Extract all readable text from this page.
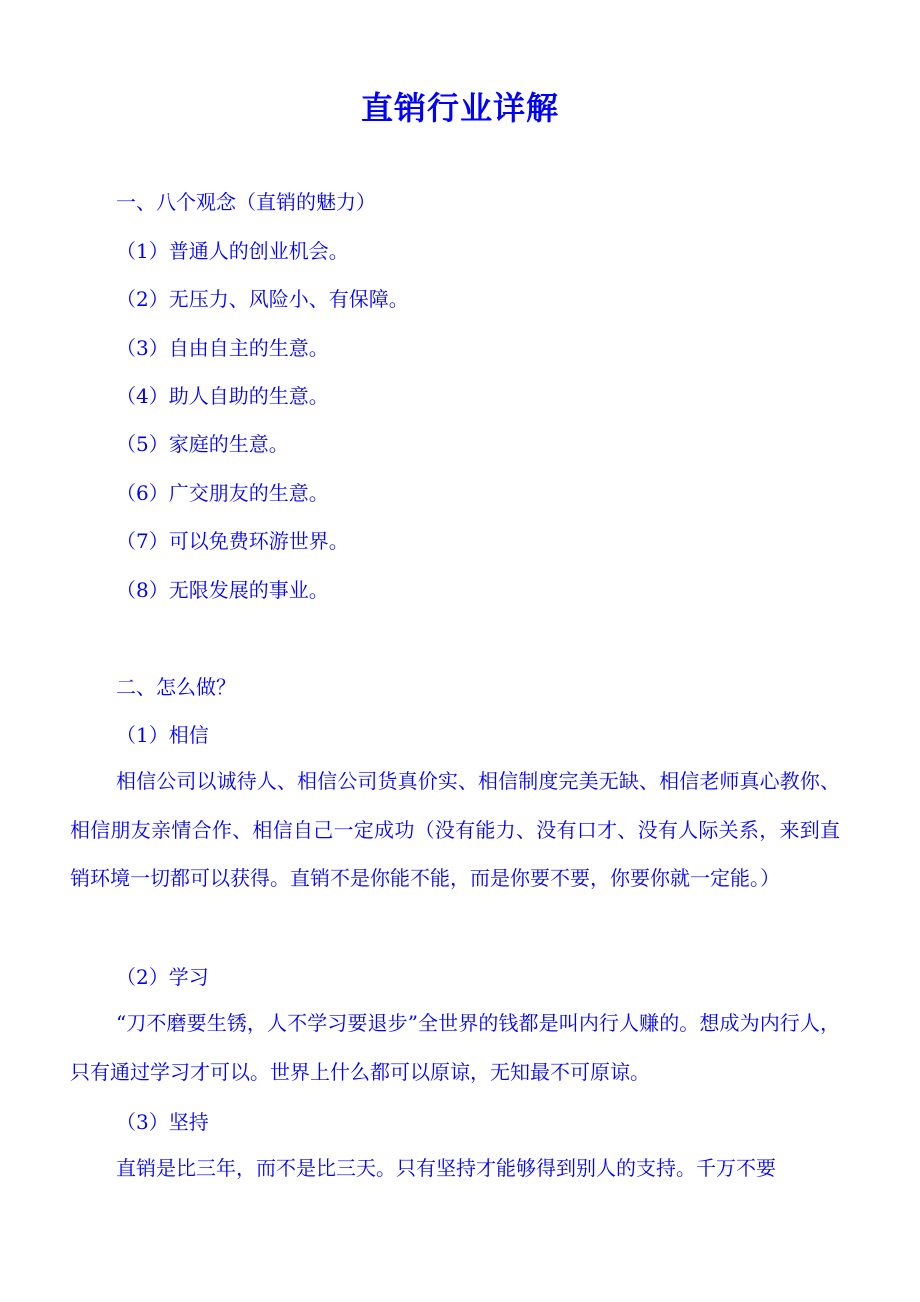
直销行业详解
一、八个观念（直销的魅力）
（1）普通人的创业机会。
（2）无压力、风险小、有保障。
（3）自由自主的生意。
（4）助人自助的生意。
（5）家庭的生意。
（6）广交朋友的生意。
（7）可以免费环游世界。
（8）无限发展的事业。
二、怎么做？
（1）相信

相信公司以诚待人、相信公司货真价实、相信制度完美无缺、相信老师真心教你、相信朋友亲情合作、相信自己一定成功（没有能力、没有口才、没有人际关系，来到直销环境一切都可以获得。直销不是你能不能，而是你要不要，你要你就一定能。）

（2）学习

“刀不磨要生锈，人不学习要退步”全世界的钱都是叫内行人赚的。想成为内行人，只有通过学习才可以。世界上什么都可以原谅，无知最不可原谅。

（3）坚持

直销是比三年，而不是比三天。只有坚持才能够得到别人的支持。千万不要
